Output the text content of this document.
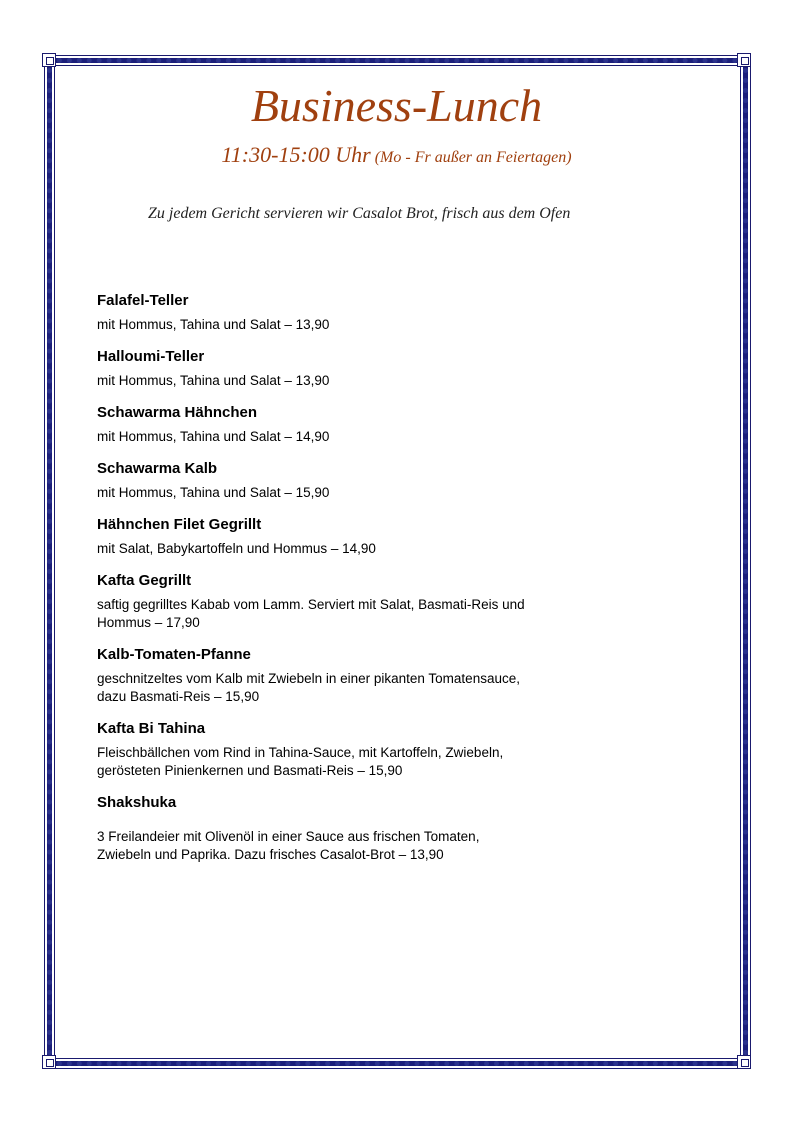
Business-Lunch
11:30-15:00 Uhr (Mo - Fr außer an Feiertagen)
Zu jedem Gericht servieren wir Casalot Brot, frisch aus dem Ofen
Falafel-Teller
mit Hommus, Tahina und Salat – 13,90
Halloumi-Teller
mit Hommus, Tahina und Salat – 13,90
Schawarma Hähnchen
mit Hommus, Tahina und Salat – 14,90
Schawarma Kalb
mit Hommus, Tahina und Salat – 15,90
Hähnchen Filet Gegrillt
mit Salat, Babykartoffeln und Hommus – 14,90
Kafta Gegrillt
saftig gegrilltes Kabab vom Lamm. Serviert mit Salat, Basmati-Reis und
Hommus – 17,90
Kalb-Tomaten-Pfanne
geschnitzeltes vom Kalb mit Zwiebeln in einer pikanten Tomatensauce,
dazu Basmati-Reis – 15,90
Kafta Bi Tahina
Fleischbällchen vom Rind in Tahina-Sauce, mit Kartoffeln, Zwiebeln,
gerösteten Pinienkernen und Basmati-Reis – 15,90
Shakshuka
3 Freilandeier mit Olivenöl in einer Sauce aus frischen Tomaten,
Zwiebeln und Paprika. Dazu frisches Casalot-Brot – 13,90
